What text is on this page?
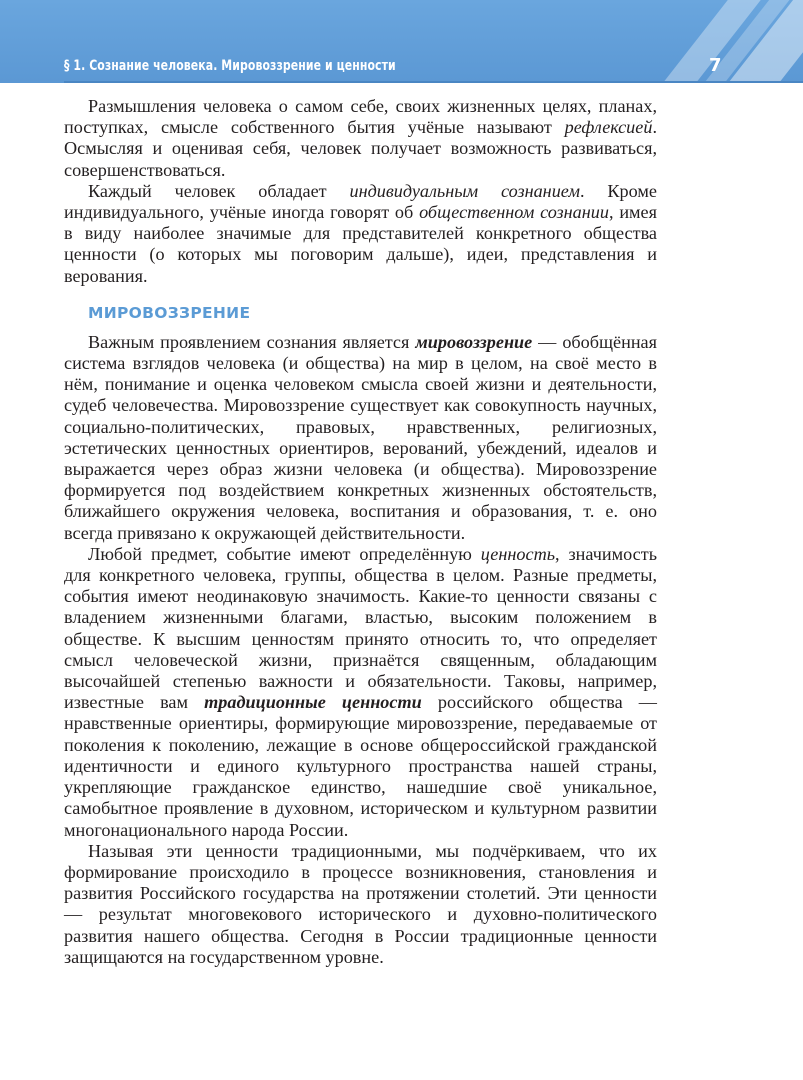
§ 1. Сознание человека. Мировоззрение и ценности	7

Размышления человека о самом себе, своих жизненных целях, планах, поступках, смысле собственного бытия учёные называют рефлексией. Осмысляя и оценивая себя, человек получает возможность развиваться, совершенствоваться.

Каждый человек обладает индивидуальным сознанием. Кроме индивидуального, учёные иногда говорят об общественном сознании, имея в виду наиболее значимые для представителей конкретного общества ценности (о которых мы поговорим дальше), идеи, представления и верования.

МИРОВОЗЗРЕНИЕ

Важным проявлением сознания является мировоззрение — обобщённая система взглядов человека (и общества) на мир в целом, на своё место в нём, понимание и оценка человеком смысла своей жизни и деятельности, судеб человечества. Мировоззрение существует как совокупность научных, социально-политических, правовых, нравственных, религиозных, эстетических ценностных ориентиров, верований, убеждений, идеалов и выражается через образ жизни человека (и общества). Мировоззрение формируется под воздействием конкретных жизненных обстоятельств, ближайшего окружения человека, воспитания и образования, т. е. оно всегда привязано к окружающей действительности.

Любой предмет, событие имеют определённую ценность, значимость для конкретного человека, группы, общества в целом. Разные предметы, события имеют неодинаковую значимость. Какие-то ценности связаны с владением жизненными благами, властью, высоким положением в обществе. К высшим ценностям принято относить то, что определяет смысл человеческой жизни, признаётся священным, обладающим высочайшей степенью важности и обязательности. Таковы, например, известные вам традиционные ценности российского общества — нравственные ориентиры, формирующие мировоззрение, передаваемые от поколения к поколению, лежащие в основе общероссийской гражданской идентичности и единого культурного пространства нашей страны, укрепляющие гражданское единство, нашедшие своё уникальное, самобытное проявление в духовном, историческом и культурном развитии многонационального народа России.

Называя эти ценности традиционными, мы подчёркиваем, что их формирование происходило в процессе возникновения, становления и развития Российского государства на протяжении столетий. Эти ценности — результат многовекового исторического и духовно-политического развития нашего общества. Сегодня в России традиционные ценности защищаются на государственном уровне.
